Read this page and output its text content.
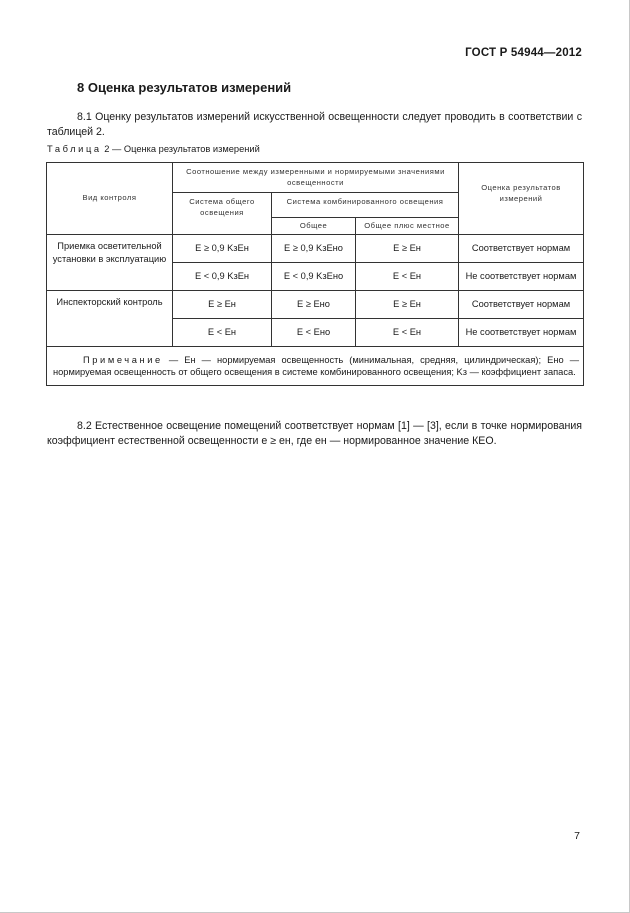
ГОСТ Р 54944—2012
8 Оценка результатов измерений
8.1 Оценку результатов измерений искусственной освещенности следует проводить в соответствии с таблицей 2.
Таблица 2 — Оценка результатов измерений
Вид контроля	Соотношение между измеренными и нормируемыми значениями освещенности			Оценка результатов измерений
	Система общего освещения	Система комбинированного освещения		
		Общее	Общее плюс местное	
Приемка осветительной установки в эксплуатацию	E ≥ 0,9 KзEн	E ≥ 0,9 KзEно	E ≥ Eн	Соответствует нормам
	E < 0,9 KзEн	E < 0,9 KзEно	E < Eн	Не соответствует нормам
Инспекторский контроль	E ≥ Eн	E ≥ Eно	E ≥ Eн	Соответствует нормам
	E < Eн	E < Eно	E < Eн	Не соответствует нормам

Примечание — Eн — нормируемая освещенность (минимальная, средняя, цилиндрическая); Eно — нормируемая освещенность от общего освещения в системе комбинированного освещения; Kз — коэффициент запаса.				
8.2 Естественное освещение помещений соответствует нормам [1] — [3], если в точке нормирования коэффициент естественной освещенности e ≥ eн, где eн — нормированное значение КЕО.
7
